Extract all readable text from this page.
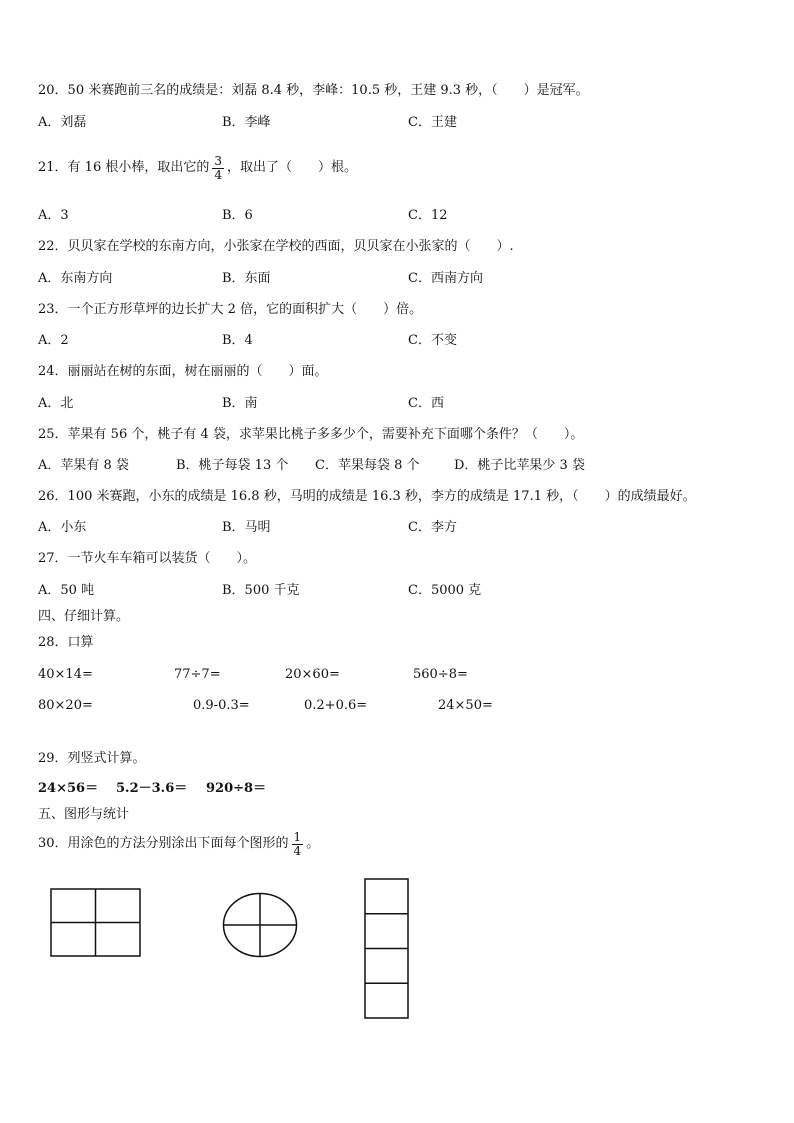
20．50 米赛跑前三名的成绩是：刘磊 8.4 秒，李峰：10.5 秒，王建 9.3 秒，（　　）是冠军。
A．刘磊	B．李峰	C．王建
21．有 16 根小棒，取出它的 $\frac{3}{4}$ ，取出了（　　）根。
A．3	B．6	C．12
22．贝贝家在学校的东南方向，小张家在学校的西面，贝贝家在小张家的（　　）.
A．东南方向	B．东面	C．西南方向
23．一个正方形草坪的边长扩大 2 倍，它的面积扩大（　　）倍。
A．2	B．4	C．不变
24．丽丽站在树的东面，树在丽丽的（　　）面。
A．北	B．南	C．西
25．苹果有 56 个，桃子有 4 袋，求苹果比桃子多多少个，需要补充下面哪个条件？（　　）。
A．苹果有 8 袋	B．桃子每袋 13 个 C．苹果每袋 8 个	D．桃子比苹果少 3 袋
26．100 米赛跑，小东的成绩是 16.8 秒，马明的成绩是 16.3 秒，李方的成绩是 17.1 秒，（　　）的成绩最好。
A．小东	B．马明	C．李方
27．一节火车车箱可以装货（　　）。
A．50 吨	B．500 千克	C．5000 克
四、仔细计算。
28．口算
40×14=	77÷7=	20×60=	560÷8=
80×20=	0.9-0.3=	0.2+0.6=	24×50=
29．列竖式计算。
24×56＝ 5.2－3.6＝ 920÷8＝
五、图形与统计
30．用涂色的方法分别涂出下面每个图形的 $\frac{1}{4}$ 。
